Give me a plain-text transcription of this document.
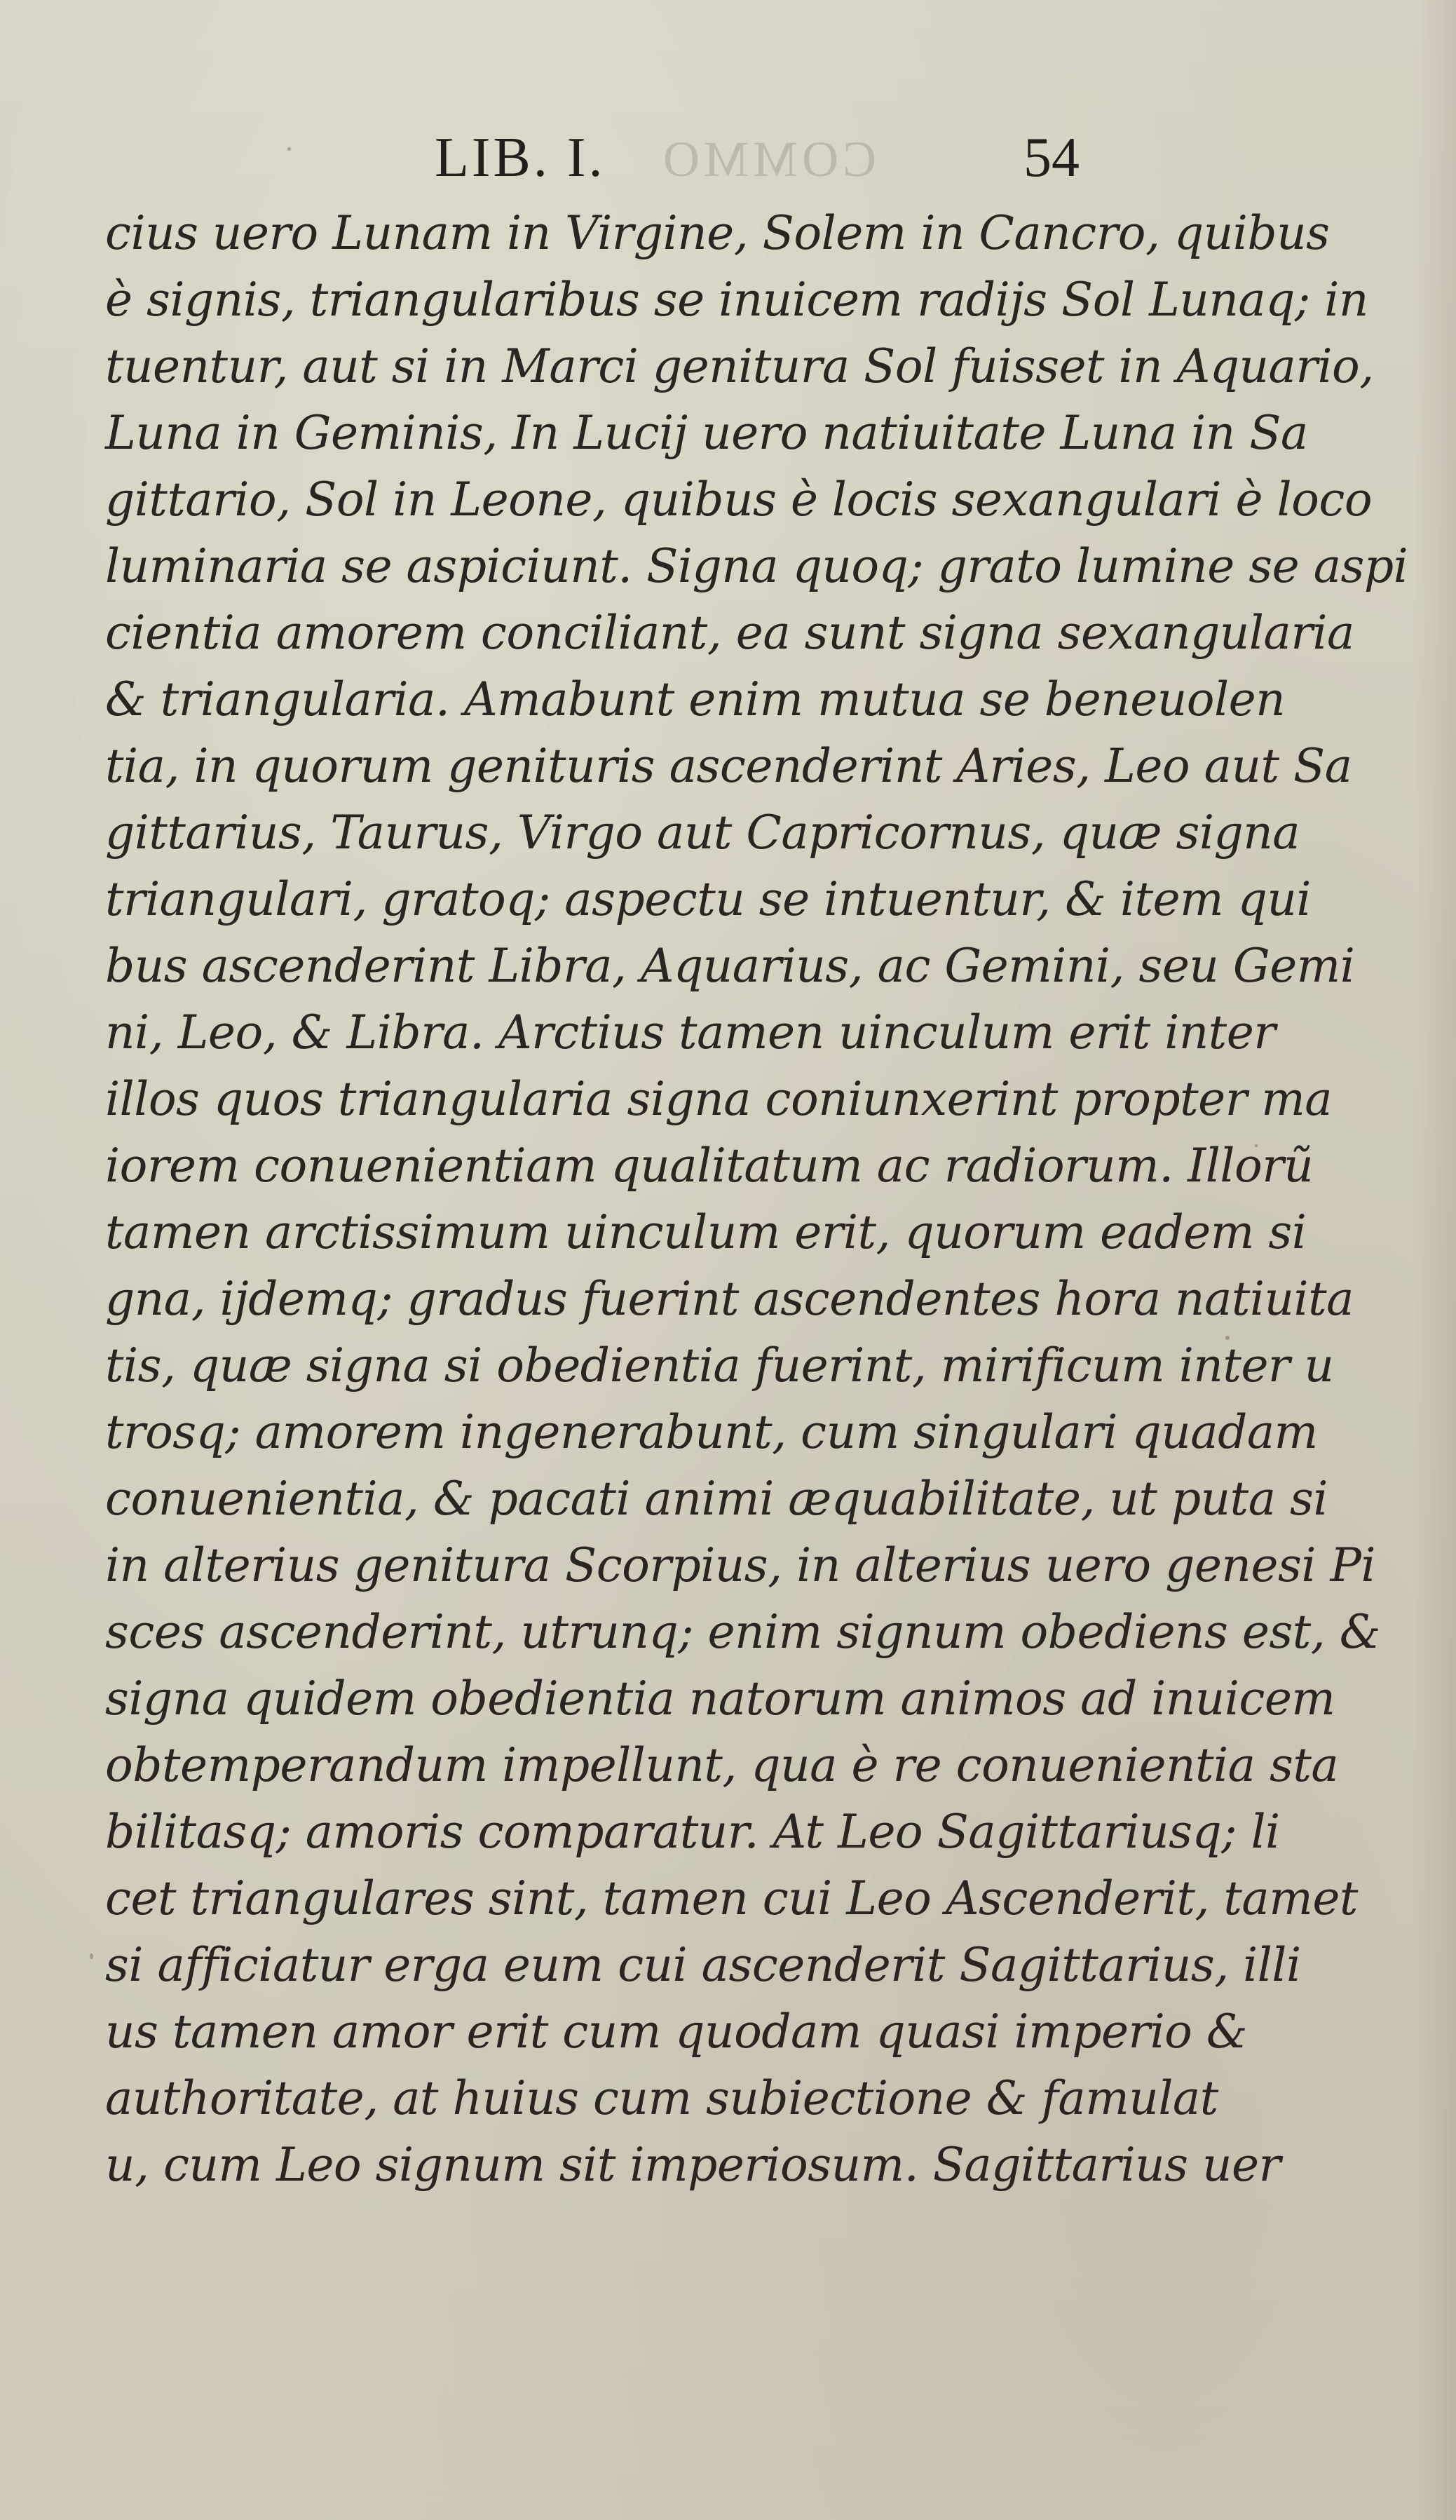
LIB. I. COMMO	54
cius uero Lunam in Virgine, Solem in Cancro, quibus
è signis, triangularibus se inuicem radijs Sol Lunaq; in
tuentur, aut si in Marci genitura Sol fuisset in Aquario,
Luna in Geminis, In Lucij uero natiuitate Luna in Sa
gittario, Sol in Leone, quibus è locis sexangulari è loco
luminaria se aspiciunt. Signa quoq; grato lumine se aspi
cientia amorem conciliant, ea sunt signa sexangularia
& triangularia. Amabunt enim mutua se beneuolen
tia, in quorum genituris ascenderint Aries, Leo aut Sa
gittarius, Taurus, Virgo aut Capricornus, quæ signa
triangulari, gratoq; aspectu se intuentur, & item qui
bus ascenderint Libra, Aquarius, ac Gemini, seu Gemi
ni, Leo, & Libra. Arctius tamen uinculum erit inter
illos quos triangularia signa coniunxerint propter ma
iorem conuenientiam qualitatum ac radiorum. Illorũ
tamen arctissimum uinculum erit, quorum eadem si
gna, ijdemq; gradus fuerint ascendentes hora natiuita
tis, quæ signa si obedientia fuerint, mirificum inter u
trosq; amorem ingenerabunt, cum singulari quadam
conuenientia, & pacati animi æquabilitate, ut puta si
in alterius genitura Scorpius, in alterius uero genesi Pi
sces ascenderint, utrunq; enim signum obediens est, &
signa quidem obedientia natorum animos ad inuicem
obtemperandum impellunt, qua è re conuenientia sta
bilitasq; amoris comparatur. At Leo Sagittariusq; li
cet triangulares sint, tamen cui Leo Ascenderit, tamet
si afficiatur erga eum cui ascenderit Sagittarius, illi
us tamen amor erit cum quodam quasi imperio &
authoritate, at huius cum subiectione & famulat
u, cum Leo signum sit imperiosum. Sagittarius uer
